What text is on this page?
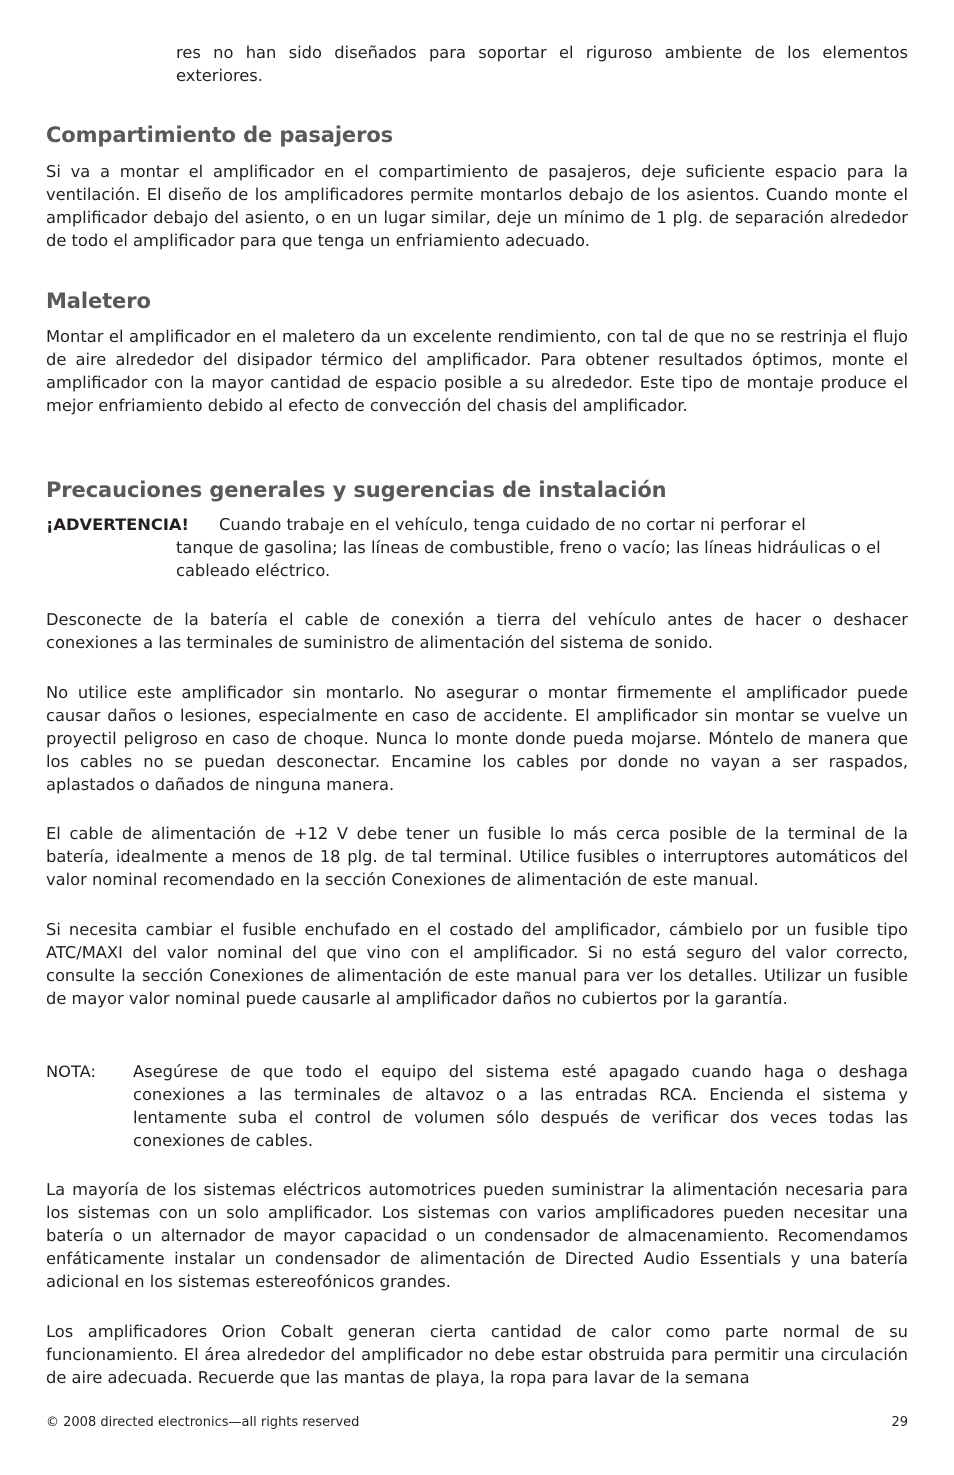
res no han sido diseñados para soportar el riguroso ambiente de los elementos exteriores.

Compartimiento de pasajeros

Si va a montar el amplificador en el compartimiento de pasajeros, deje suficiente espacio para la ventilación. El diseño de los amplificadores permite montarlos debajo de los asientos. Cuando monte el amplificador debajo del asiento, o en un lugar similar, deje un mínimo de 1 plg. de separación alrededor de todo el amplificador para que tenga un enfriamiento adecuado.

Maletero

Montar el amplificador en el maletero da un excelente rendimiento, con tal de que no se restrinja el flujo de aire alrededor del disipador térmico del amplificador. Para obtener resultados óptimos, monte el amplificador con la mayor cantidad de espacio posible a su alrededor. Este tipo de montaje produce el mejor enfriamiento debido al efecto de convección del chasis del amplificador.

Precauciones generales y sugerencias de instalación
¡ADVERTENCIA! Cuando trabaje en el vehículo, tenga cuidado de no cortar ni perforar el

tanque de gasolina; las líneas de combustible, freno o vacío; las líneas hidráulicas o el cableado eléctrico.

Desconecte de la batería el cable de conexión a tierra del vehículo antes de hacer o deshacer conexiones a las terminales de suministro de alimentación del sistema de sonido.

No utilice este amplificador sin montarlo. No asegurar o montar firmemente el amplificador puede causar daños o lesiones, especialmente en caso de accidente. El amplificador sin montar se vuelve un proyectil peligroso en caso de choque. Nunca lo monte donde pueda mojarse. Móntelo de manera que los cables no se puedan desconectar. Encamine los cables por donde no vayan a ser raspados, aplastados o dañados de ninguna manera.

El cable de alimentación de +12 V debe tener un fusible lo más cerca posible de la terminal de la batería, idealmente a menos de 18 plg. de tal terminal. Utilice fusibles o interruptores automáticos del valor nominal recomendado en la sección Conexiones de alimentación de este manual.

Si necesita cambiar el fusible enchufado en el costado del amplificador, cámbielo por un fusible tipo ATC/MAXI del valor nominal del que vino con el amplificador. Si no está seguro del valor correcto, consulte la sección Conexiones de alimentación de este manual para ver los detalles. Utilizar un fusible de mayor valor nominal puede causarle al amplificador daños no cubiertos por la garantía.

NOTA: Asegúrese de que todo el equipo del sistema esté apagado cuando haga o deshaga conexiones a las terminales de altavoz o a las entradas RCA. Encienda el sistema y lentamente suba el control de volumen sólo después de verificar dos veces todas las conexiones de cables.

La mayoría de los sistemas eléctricos automotrices pueden suministrar la alimentación necesaria para los sistemas con un solo amplificador. Los sistemas con varios amplificadores pueden necesitar una batería o un alternador de mayor capacidad o un condensador de almacenamiento. Recomendamos enfáticamente instalar un condensador de alimentación de Directed Audio Essentials y una batería adicional en los sistemas estereofónicos grandes.

Los amplificadores Orion Cobalt generan cierta cantidad de calor como parte normal de su funcionamiento. El área alrededor del amplificador no debe estar obstruida para permitir una circulación de aire adecuada. Recuerde que las mantas de playa, la ropa para lavar de la semana

© 2008 directed electronics—all rights reserved	29
